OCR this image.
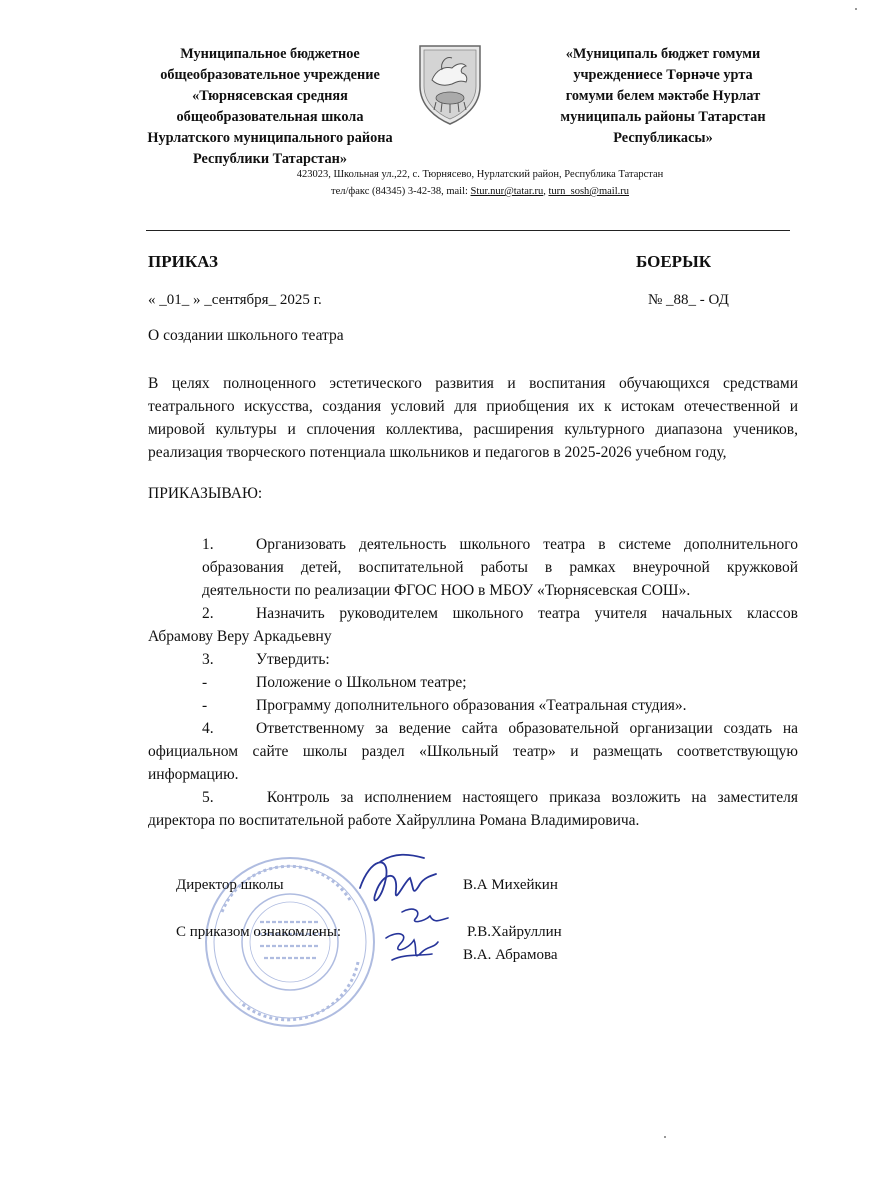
Муниципальное бюджетное
общеобразовательное учреждение
«Тюрнясевская средняя
общеобразовательная школа
Нурлатского муниципального района
Республики Татарстан»
«Муниципаль бюджет гомуми
учреждениесе Төрнәче урта
гомуми белем мәктәбе Нурлат
муниципаль районы Татарстан
Республикасы»
423023, Школьная ул.,22, с. Тюрнясево, Нурлатский район, Республика Татарстан
тел/факс (84345) 3-42-38, mail: Stur.nur@tatar.ru, turn_sosh@mail.ru
ПРИКАЗ	БОЕРЫК
« _01_ » _сентября_ 2025 г.	№ _88_ - ОД
О создании школьного театра

В целях полноценного эстетического развития и воспитания обучающихся средствами театрального искусства, создания условий для приобщения их к истокам отечественной и мировой культуры и сплочения коллектива, расширения культурного диапазона учеников, реализация творческого потенциала школьников и педагогов в 2025-2026 учебном году,

ПРИКАЗЫВАЮ:

1.	Организовать деятельность школьного театра в системе дополнительного образования детей, воспитательной работы в рамках внеурочной кружковой деятельности по реализации ФГОС НОО в МБОУ «Тюрнясевская СОШ».

2.	Назначить руководителем школьного театра учителя начальных классов Абрамову Веру Аркадьевну

3.	Утвердить:

-	Положение о Школьном театре;

-	Программу дополнительного образования «Театральная студия».

4.	Ответственному за ведение сайта образовательной организации создать на официальном сайте школы раздел «Школьный театр» и размещать соответствующую информацию.

5.	Контроль за исполнением настоящего приказа возложить на заместителя директора по воспитательной работе Хайруллина Романа Владимировича.

Директор школы	В.А Михейкин
С приказом ознакомлены:	Р.В.Хайруллин
В.А. Абрамова
